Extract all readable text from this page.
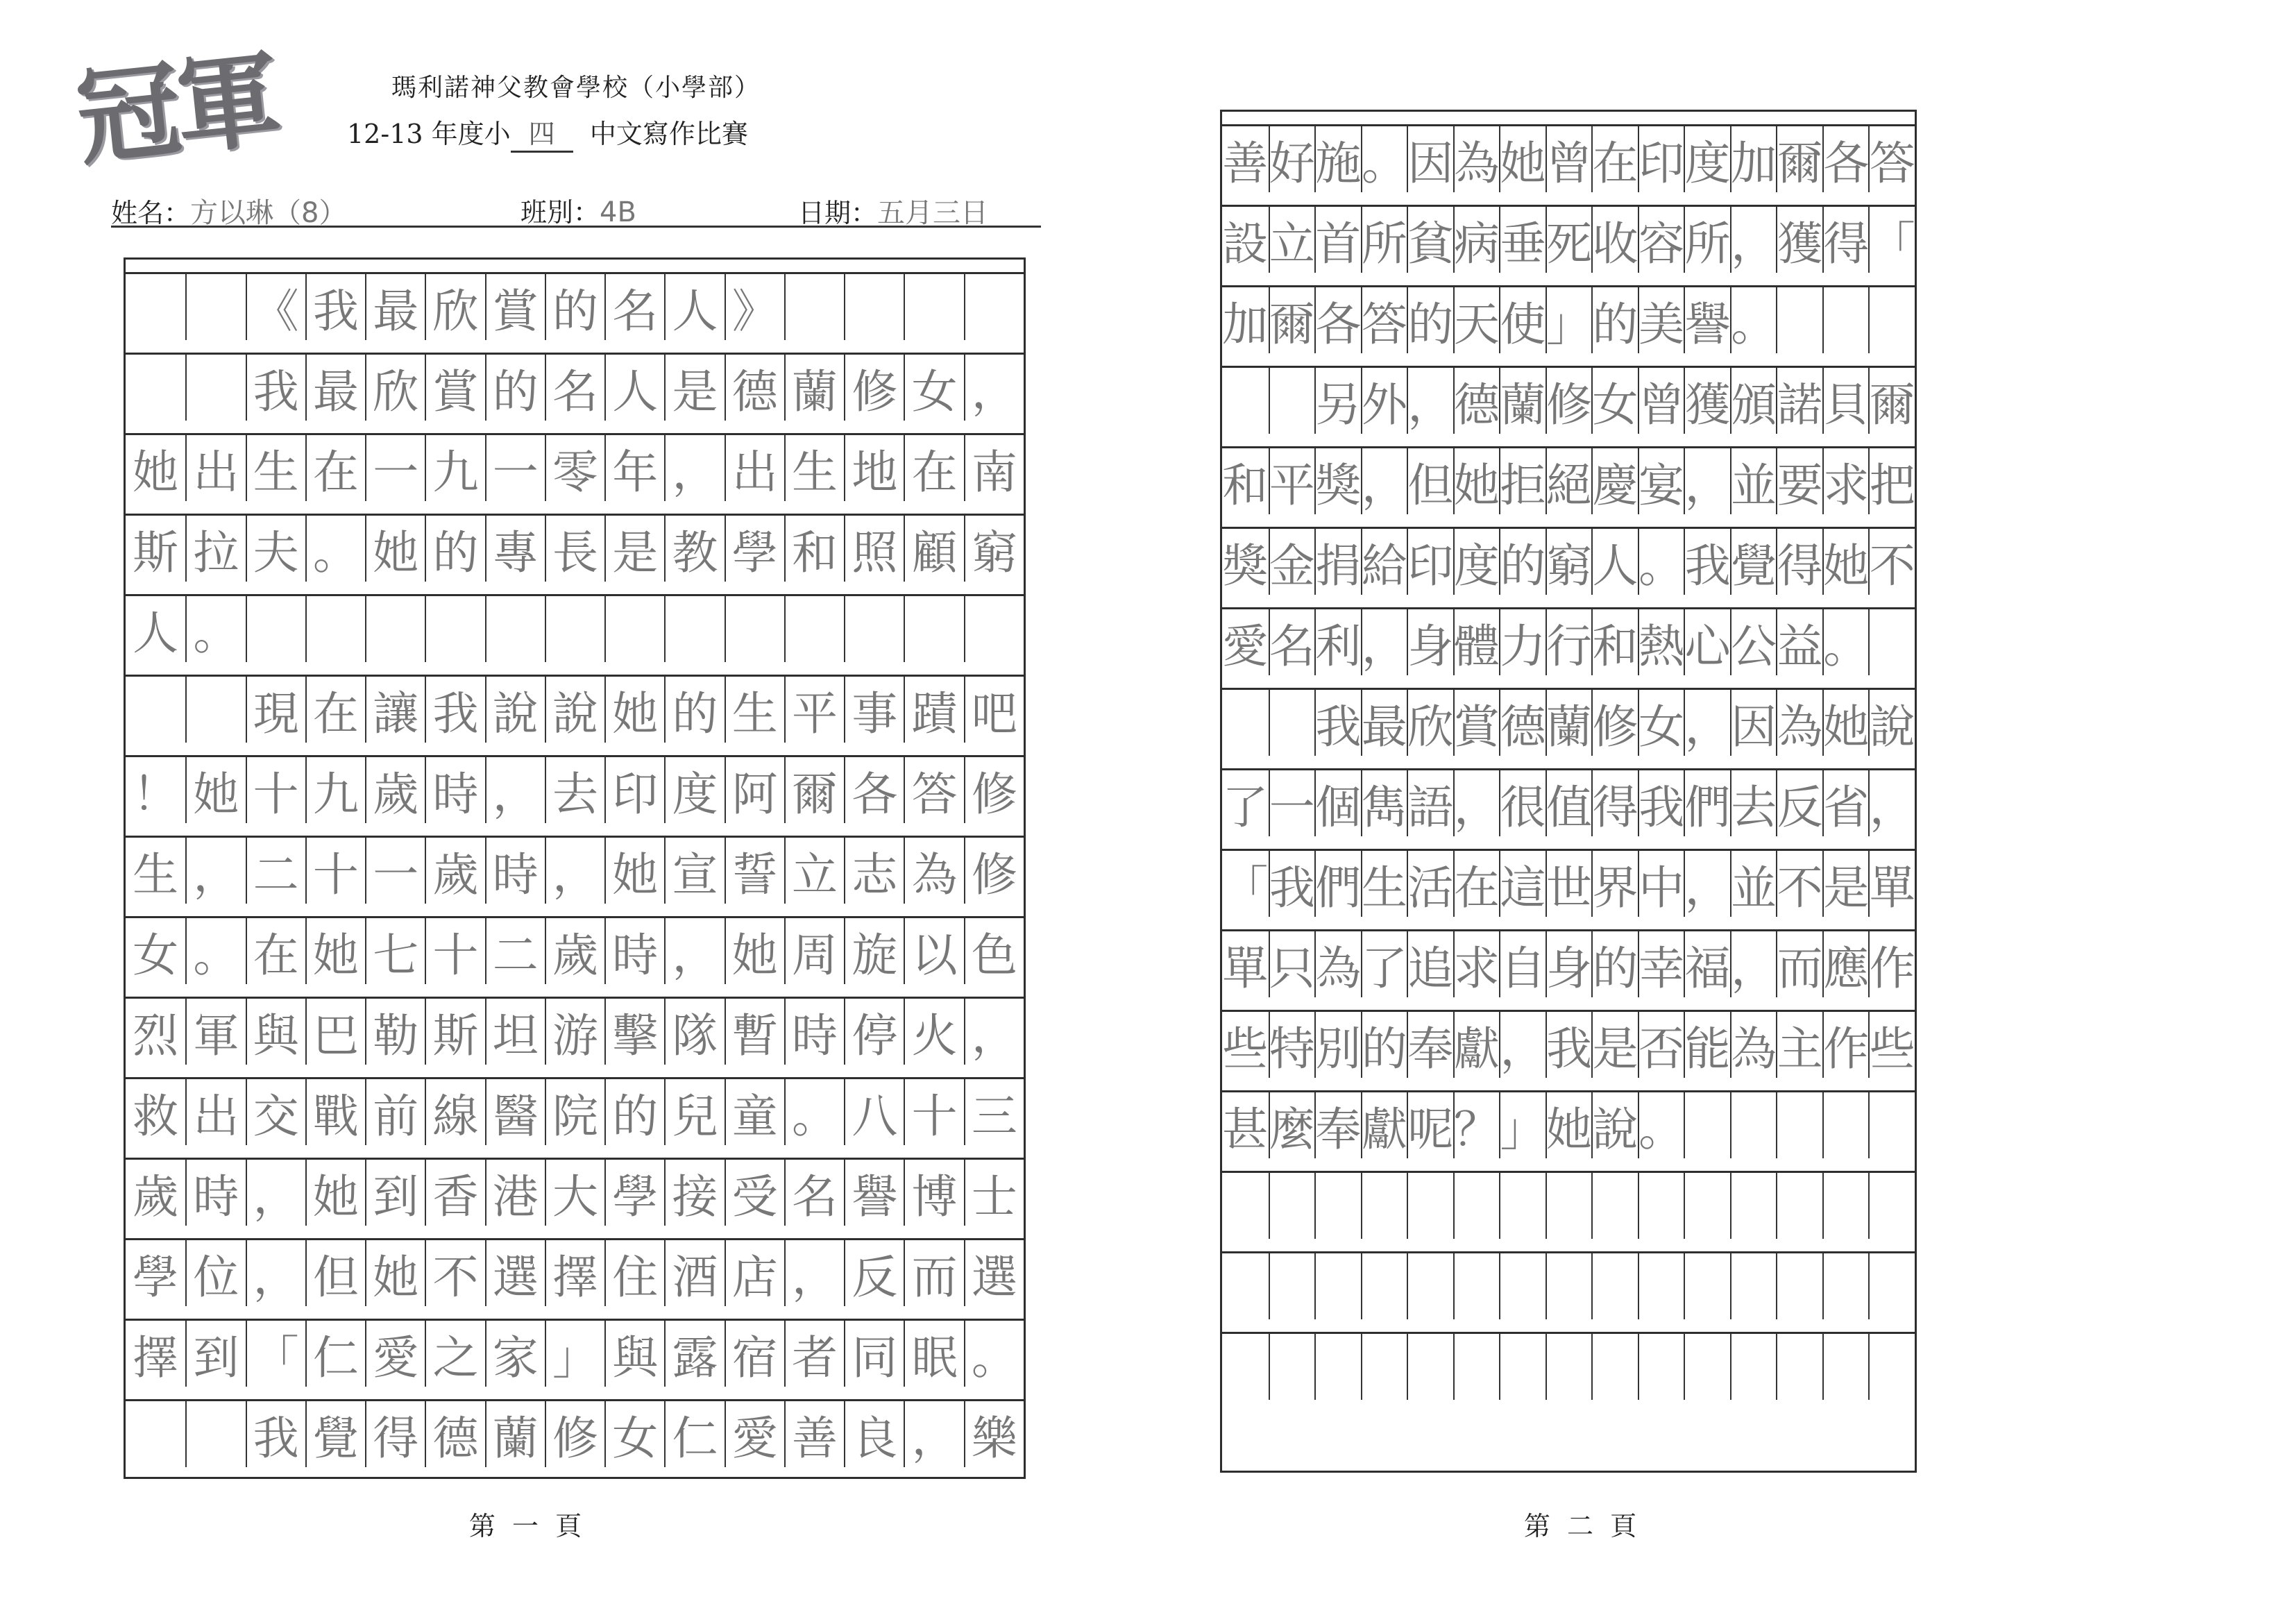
冠軍	瑪利諾神父教會學校（小學部）
12-13 年度小 四 中文寫作比賽
姓名：方以琳（8）	班別：4B	日期：五月三日
《 我 最 欣 賞 的 名 人 》
我 最 欣 賞 的 名 人 是 德 蘭 修 女 ，
她 出 生 在 一 九 一 零 年 ， 出 生 地 在 南
斯 拉 夫 。 她 的 專 長 是 教 學 和 照 顧 窮
人 。
現 在 讓 我 說 說 她 的 生 平 事 蹟 吧
！ 她 十 九 歲 時 ， 去 印 度 阿 爾 各 答 修
生 ， 二 十 一 歲 時 ， 她 宣 誓 立 志 為 修
女 。 在 她 七 十 二 歲 時 ， 她 周 旋 以 色
烈 軍 與 巴 勒 斯 坦 游 擊 隊 暫 時 停 火 ，
救 出 交 戰 前 線 醫 院 的 兒 童 。 八 十 三
歲 時 ， 她 到 香 港 大 學 接 受 名 譽 博 士
學 位 ， 但 她 不 選 擇 住 酒 店 ， 反 而 選
擇 到 「 仁 愛 之 家 」 與 露 宿 者 同 眠 。
我 覺 得 德 蘭 修 女 仁 愛 善 良 ， 樂
第 一 頁
善 好 施 。 因 為 她 曾 在 印 度 加 爾 各 答
設 立 首 所 貧 病 垂 死 收 容 所 ， 獲 得 「
加 爾 各 答 的 天 使 」 的 美 譽 。
另 外 ， 德 蘭 修 女 曾 獲 頒 諾 貝 爾
和 平 獎 ， 但 她 拒 絕 慶 宴 ， 並 要 求 把
獎 金 捐 給 印 度 的 窮 人 。 我 覺 得 她 不
愛 名 利 ， 身 體 力 行 和 熱 心 公 益 。
我 最 欣 賞 德 蘭 修 女 ， 因 為 她 說
了 一 個 雋 語 ， 很 值 得 我 們 去 反 省 ，
「 我 們 生 活 在 這 世 界 中 ， 並 不 是 單
單 只 為 了 追 求 自 身 的 幸 福 ， 而 應 作
些 特 別 的 奉 獻 ， 我 是 否 能 為 主 作 些
甚 麼 奉 獻 呢 ？ 」 她 說 。
第 二 頁
